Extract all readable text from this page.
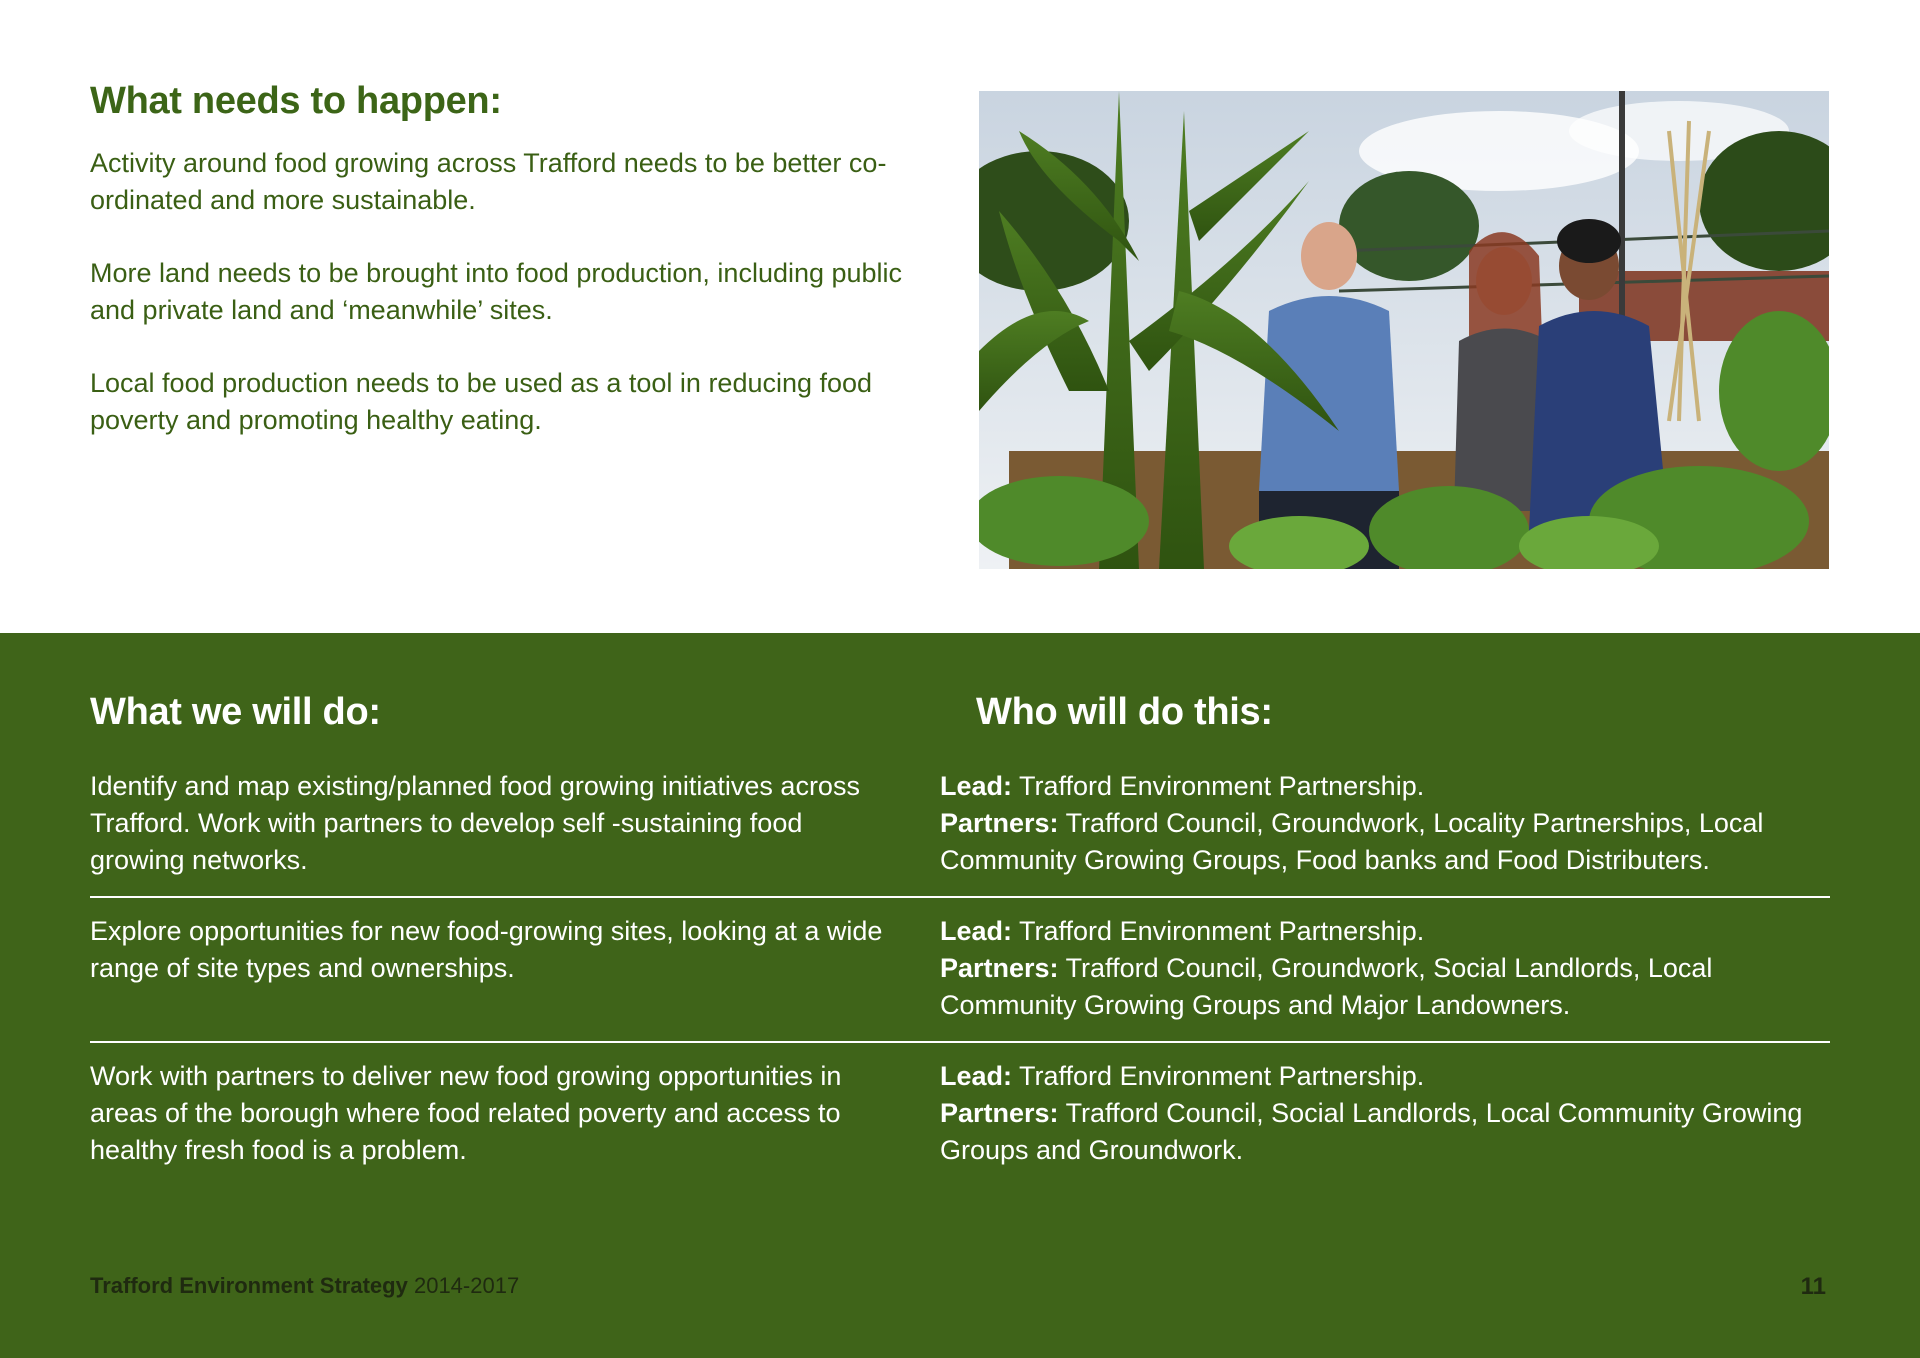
What needs to happen:

Activity around food growing across Trafford needs to be better co-ordinated and more sustainable.

More land needs to be brought into food production, including public and private land and ‘meanwhile’ sites.

Local food production needs to be used as a tool in reducing food poverty and promoting healthy eating.

What we will do:	Who will do this:
Identify and map existing/planned food growing initiatives across Trafford. Work with partners to develop self -sustaining food growing networks.
Lead: Trafford Environment Partnership.
Partners: Trafford Council, Groundwork, Locality Partnerships, Local Community Growing Groups, Food banks and Food Distributers.
Explore opportunities for new food-growing sites, looking at a wide range of site types and ownerships.
Lead: Trafford Environment Partnership.
Partners: Trafford Council, Groundwork, Social Landlords, Local Community Growing Groups and Major Landowners.
Work with partners to deliver new food growing opportunities in areas of the borough where food related poverty and access to healthy fresh food is a problem.
Lead: Trafford Environment Partnership.
Partners: Trafford Council, Social Landlords, Local Community Growing Groups and Groundwork.
Trafford Environment Strategy 2014-2017	11
